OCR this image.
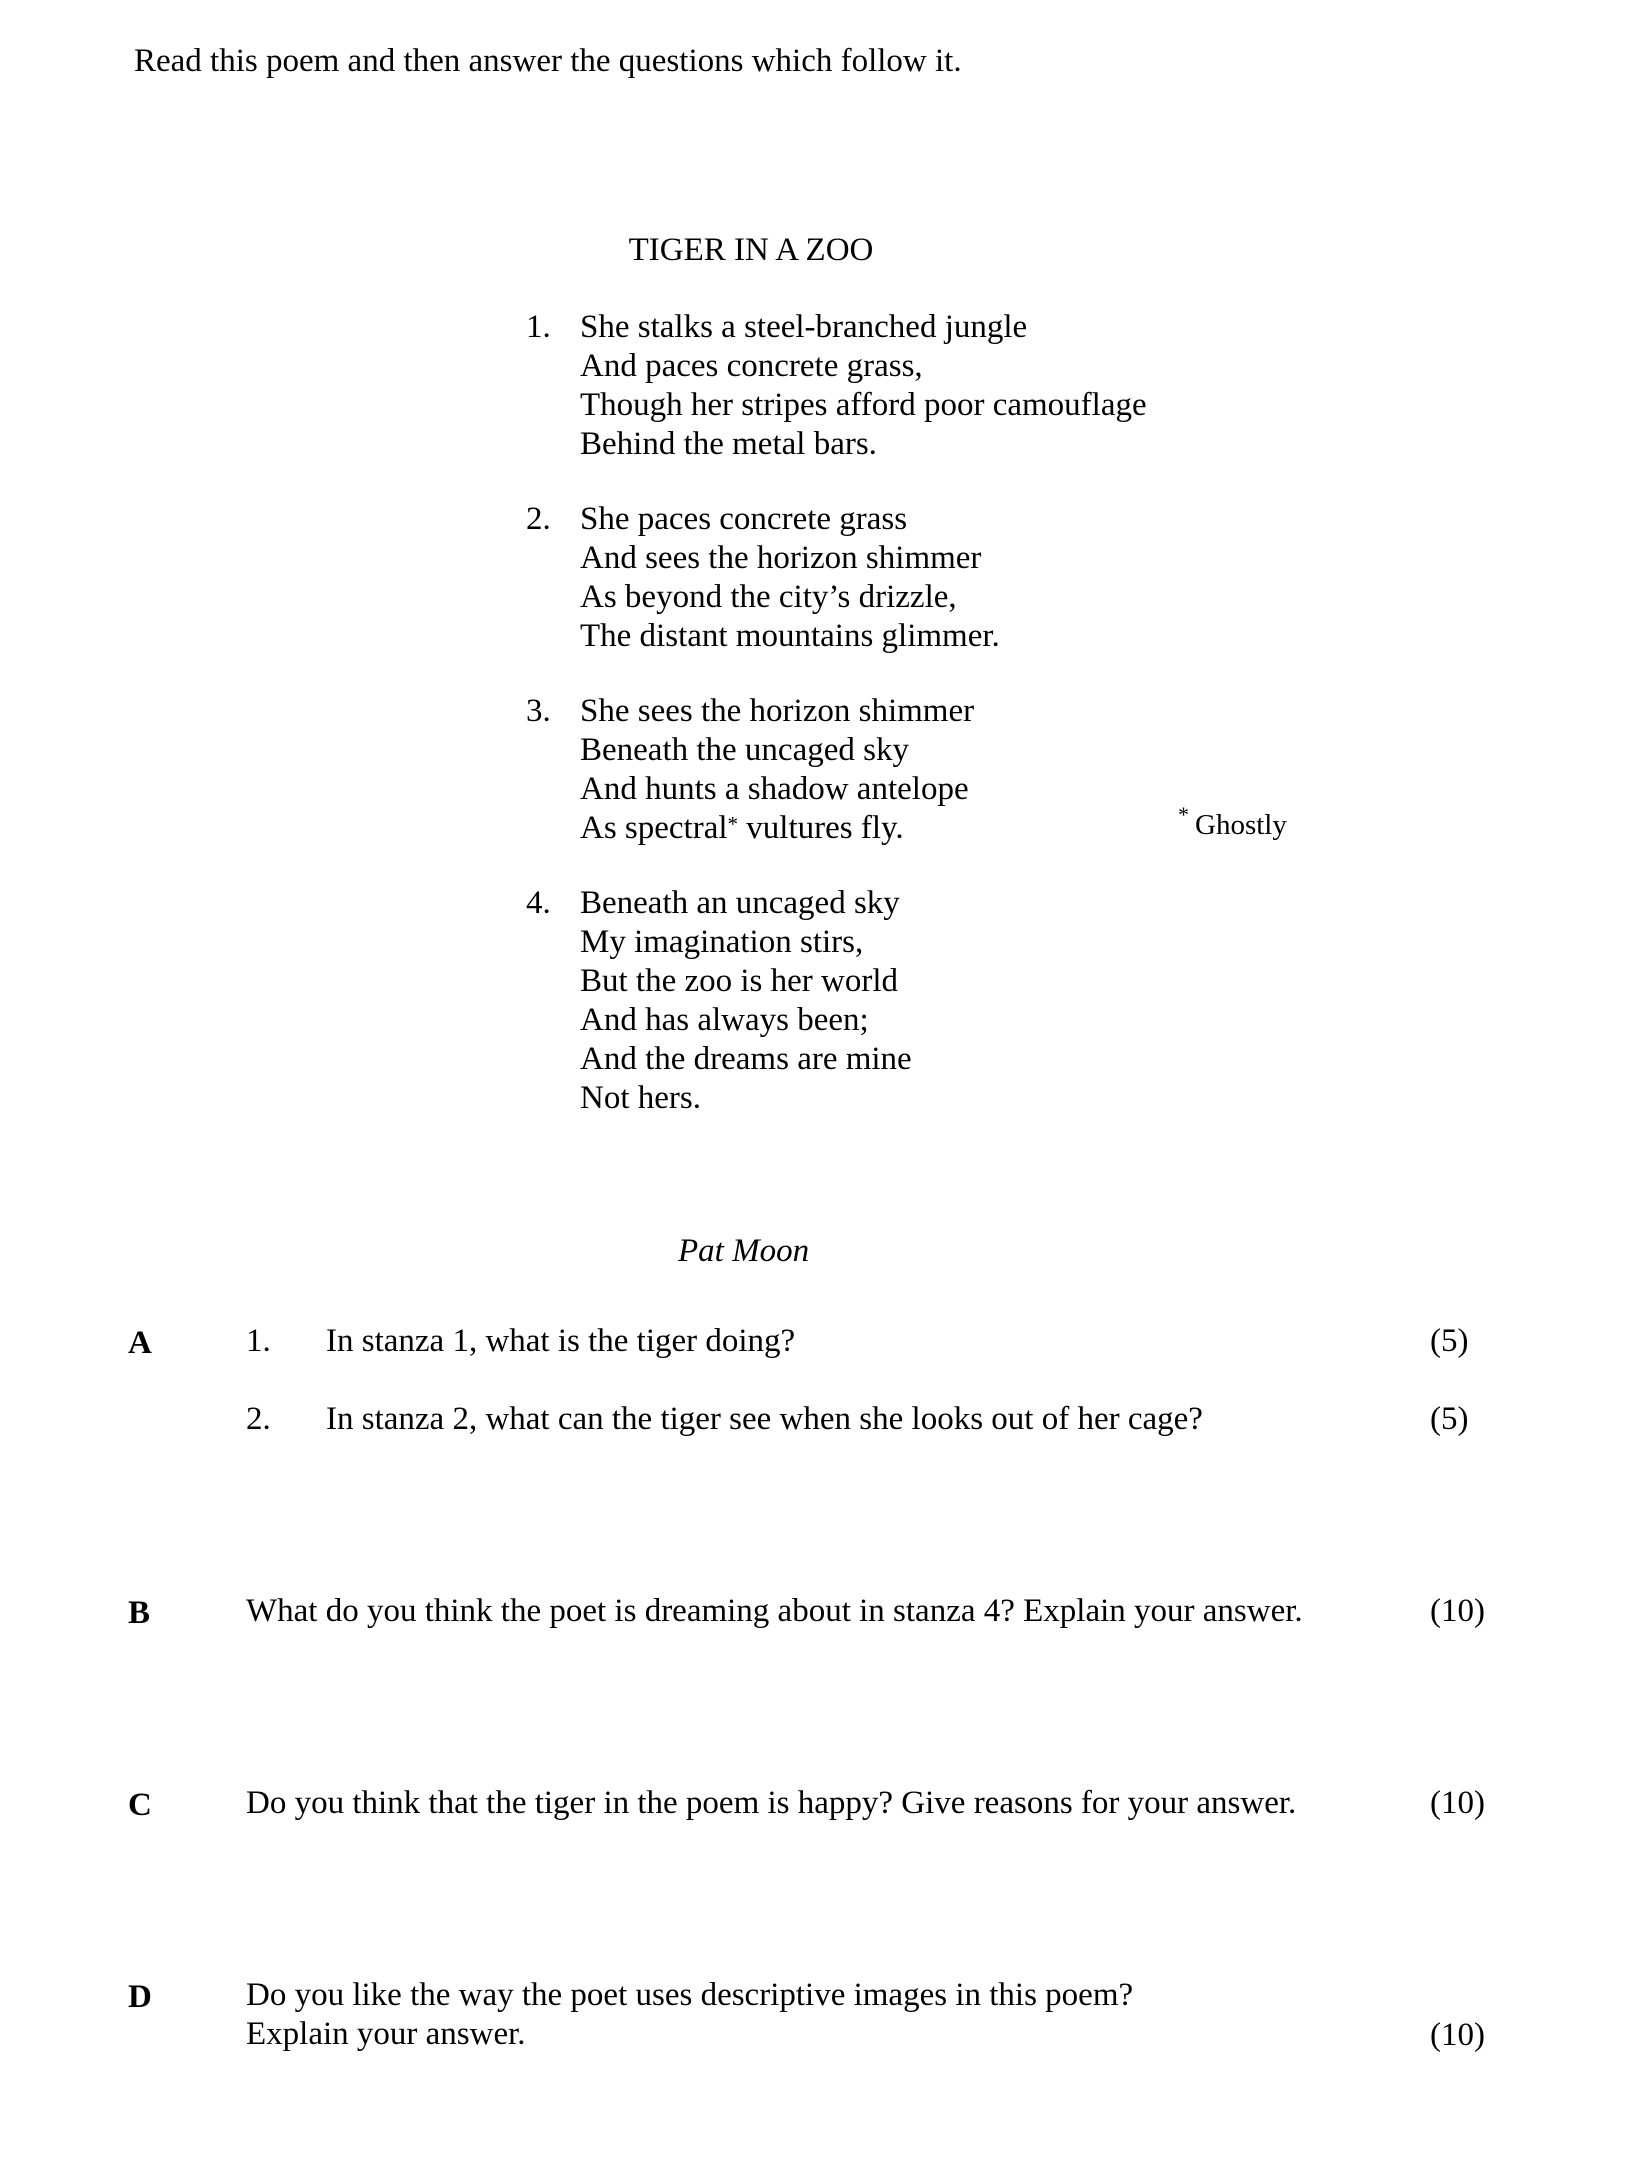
Read this poem and then answer the questions which follow it.
TIGER IN A ZOO
1. She stalks a steel-branched jungle
And paces concrete grass,
Though her stripes afford poor camouflage
Behind the metal bars.
2. She paces concrete grass
And sees the horizon shimmer
As beyond the city’s drizzle,
The distant mountains glimmer.
3. She sees the horizon shimmer
Beneath the uncaged sky
And hunts a shadow antelope
As spectral* vultures fly.	* Ghostly
4. Beneath an uncaged sky
My imagination stirs,
But the zoo is her world
And has always been;
And the dreams are mine
Not hers.
Pat Moon
A	1. In stanza 1, what is the tiger doing?	(5)
2. In stanza 2, what can the tiger see when she looks out of her cage?	(5)
B	What do you think the poet is dreaming about in stanza 4? Explain your answer.	(10)
C	Do you think that the tiger in the poem is happy? Give reasons for your answer.	(10)
D	Do you like the way the poet uses descriptive images in this poem?
Explain your answer.	(10)
